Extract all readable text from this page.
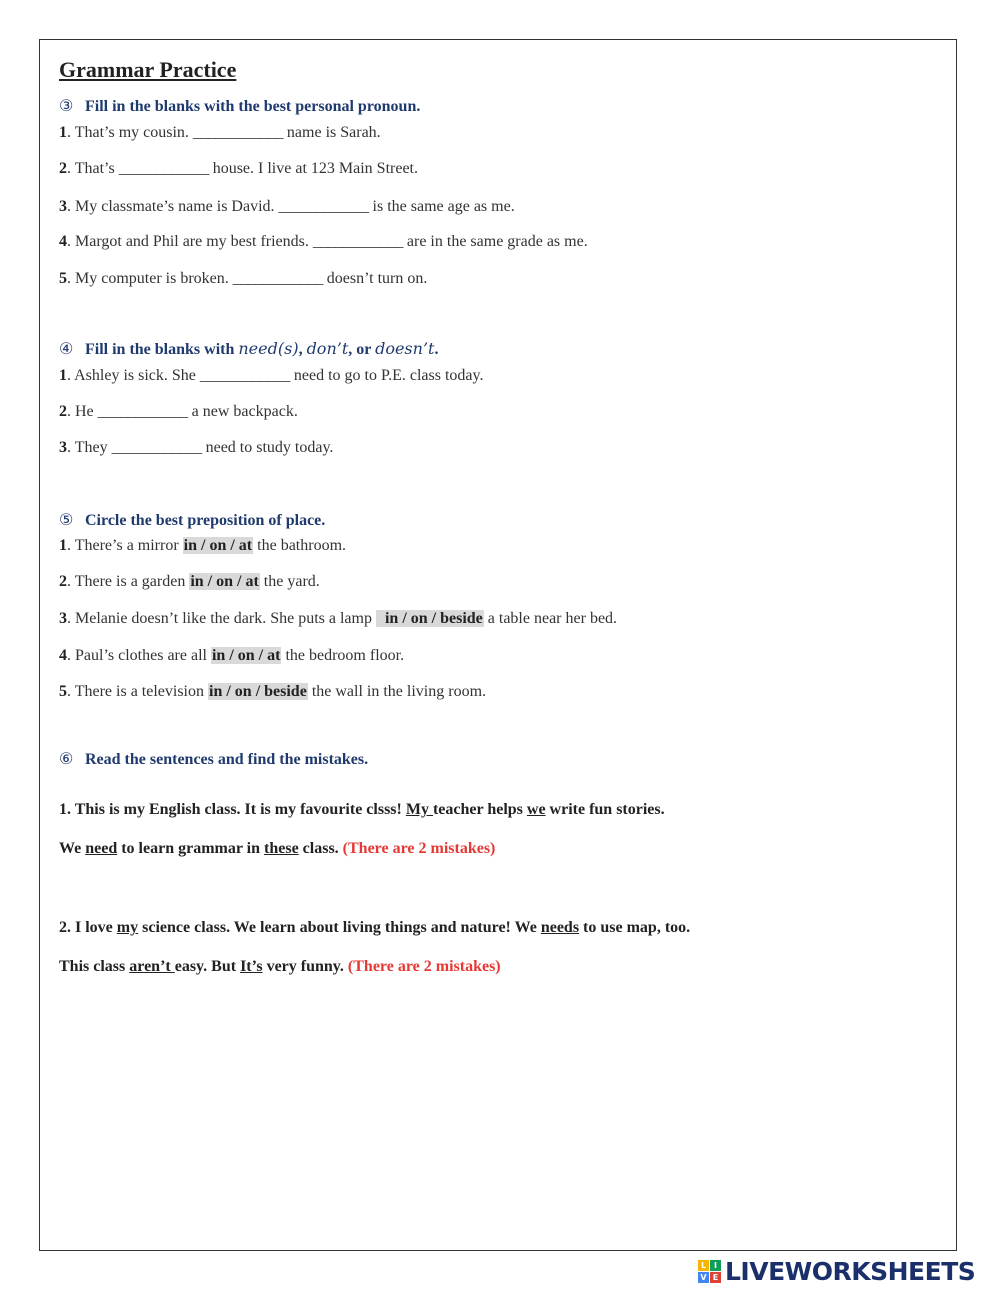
Grammar Practice
③ Fill in the blanks with the best personal pronoun.
1. That’s my cousin. ____________ name is Sarah.
2. That’s ____________ house. I live at 123 Main Street.
3. My classmate’s name is David. ____________ is the same age as me.
4. Margot and Phil are my best friends. ____________ are in the same grade as me.
5. My computer is broken. ____________ doesn’t turn on.
④ Fill in the blanks with need(s), don’t, or doesn’t.
1. Ashley is sick. She ____________ need to go to P.E. class today.
2. He ____________ a new backpack.
3. They ____________ need to study today.
⑤ Circle the best preposition of place.
1. There’s a mirror in / on / at the bathroom.
2. There is a garden in / on / at the yard.
3. Melanie doesn’t like the dark. She puts a lamp   in / on / beside a table near her bed.
4. Paul’s clothes are all in / on / at the bedroom floor.
5. There is a television in / on / beside the wall in the living room.
⑥ Read the sentences and find the mistakes.
1. This is my English class. It is my favourite clsss! My teacher helps we write fun stories.
We need to learn grammar in these class. (There are 2 mistakes)
2. I love my science class. We learn about living things and nature! We needs to use map, too.
This class aren’t easy. But It’s very funny. (There are 2 mistakes)
L I
V E LIVEWORKSHEETS
